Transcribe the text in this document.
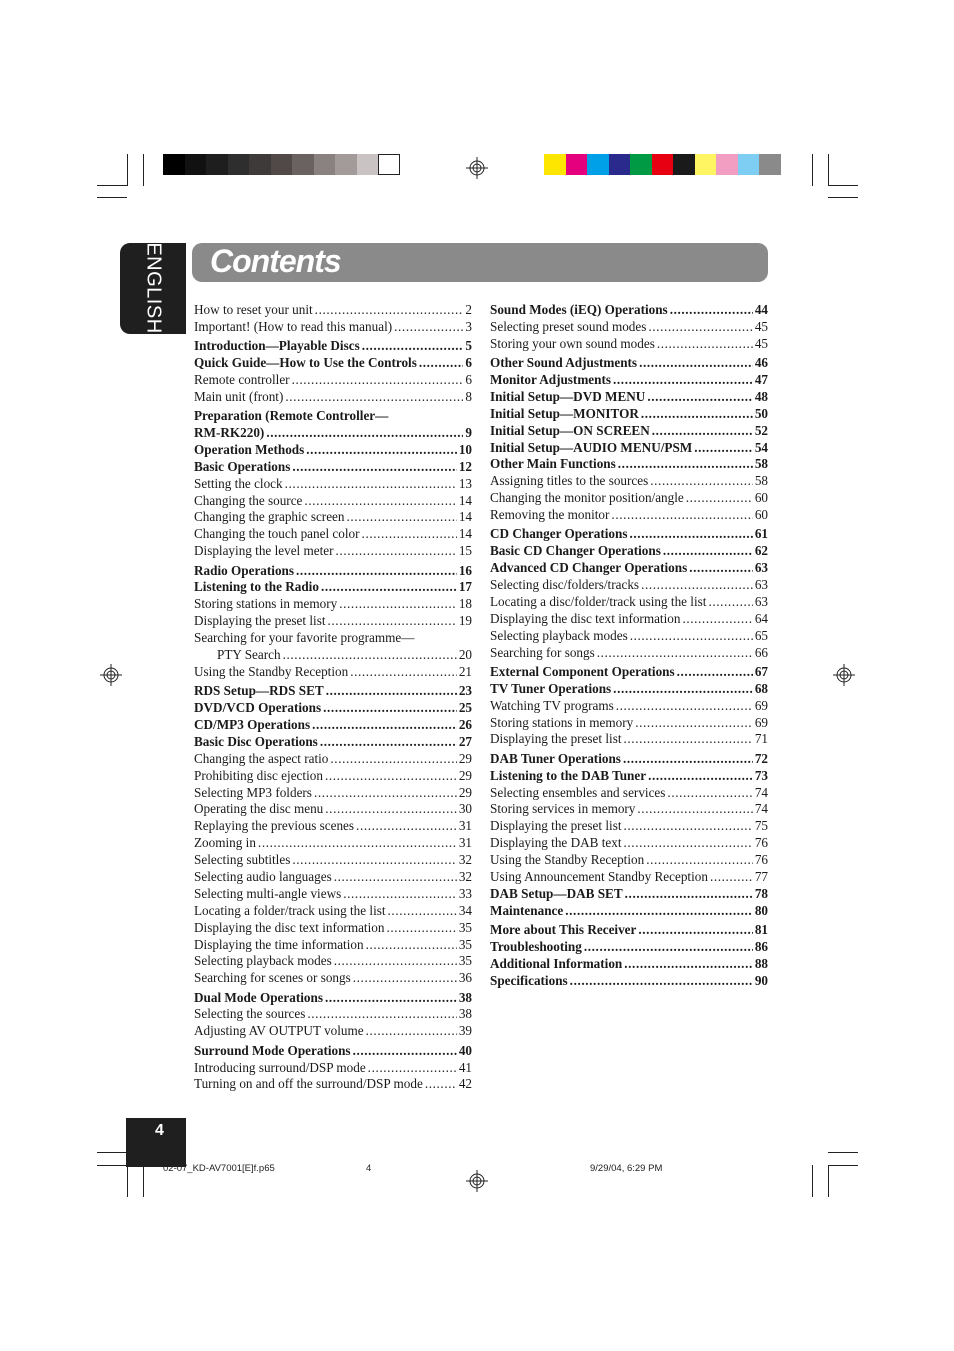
ENGLISH Contents
How to reset your unit .....	2
Important! (How to read this manual) .....	3
Introduction—Playable Discs .....	5
Quick Guide—How to Use the Controls .....	6
Remote controller .....	6
Main unit (front) .....	8
Preparation (Remote Controller—
RM-RK220) .....	9
Operation Methods .....	10
Basic Operations .....	12
Setting the clock .....	13
Changing the source .....	14
Changing the graphic screen .....	14
Changing the touch panel color .....	14
Displaying the level meter .....	15
Radio Operations .....	16
Listening to the Radio .....	17
Storing stations in memory .....	18
Displaying the preset list .....	19
Searching for your favorite programme—
PTY Search .....	20
Using the Standby Reception .....	21
RDS Setup—RDS SET .....	23
DVD/VCD Operations .....	25
CD/MP3 Operations .....	26
Basic Disc Operations .....	27
Changing the aspect ratio .....	29
Prohibiting disc ejection .....	29
Selecting MP3 folders .....	29
Operating the disc menu .....	30
Replaying the previous scenes .....	31
Zooming in .....	31
Selecting subtitles .....	32
Selecting audio languages .....	32
Selecting multi-angle views .....	33
Locating a folder/track using the list .....	34
Displaying the disc text information .....	35
Displaying the time information .....	35
Selecting playback modes .....	35
Searching for scenes or songs .....	36
Dual Mode Operations .....	38
Selecting the sources .....	38
Adjusting AV OUTPUT volume .....	39
Surround Mode Operations .....	40
Introducing surround/DSP mode .....	41
Turning on and off the surround/DSP mode .....	42
Sound Modes (iEQ) Operations .....	44
Selecting preset sound modes .....	45
Storing your own sound modes .....	45
Other Sound Adjustments .....	46
Monitor Adjustments .....	47
Initial Setup—DVD MENU .....	48
Initial Setup—MONITOR .....	50
Initial Setup—ON SCREEN .....	52
Initial Setup—AUDIO MENU/PSM .....	54
Other Main Functions .....	58
Assigning titles to the sources .....	58
Changing the monitor position/angle .....	60
Removing the monitor .....	60
CD Changer Operations .....	61
Basic CD Changer Operations .....	62
Advanced CD Changer Operations .....	63
Selecting disc/folders/tracks .....	63
Locating a disc/folder/track using the list .....	63
Displaying the disc text information .....	64
Selecting playback modes .....	65
Searching for songs .....	66
External Component Operations .....	67
TV Tuner Operations .....	68
Watching TV programs .....	69
Storing stations in memory .....	69
Displaying the preset list .....	71
DAB Tuner Operations .....	72
Listening to the DAB Tuner .....	73
Selecting ensembles and services .....	74
Storing services in memory .....	74
Displaying the preset list .....	75
Displaying the DAB text .....	76
Using the Standby Reception .....	76
Using Announcement Standby Reception .....	77
DAB Setup—DAB SET .....	78
Maintenance .....	80
More about This Receiver .....	81
Troubleshooting .....	86
Additional Information .....	88
Specifications .....	90
4
02-07_KD-AV7001[E]f.p65	4	9/29/04, 6:29 PM
